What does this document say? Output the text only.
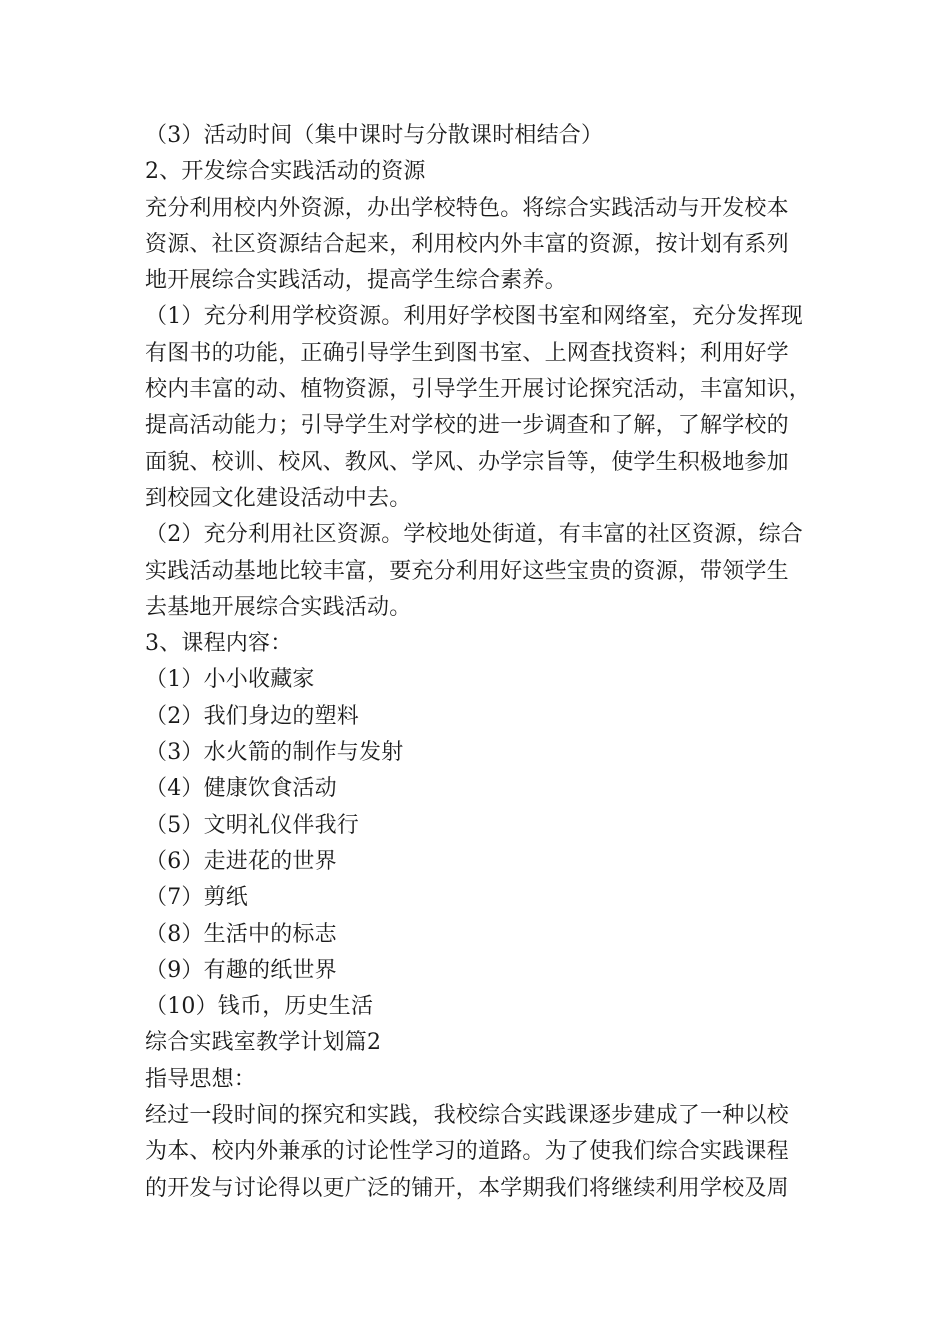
（3）活动时间（集中课时与分散课时相结合）
2、开发综合实践活动的资源
充分利用校内外资源，办出学校特色。将综合实践活动与开发校本
资源、社区资源结合起来，利用校内外丰富的资源，按计划有系列
地开展综合实践活动，提高学生综合素养。
（1）充分利用学校资源。利用好学校图书室和网络室，充分发挥现
有图书的功能，正确引导学生到图书室、上网查找资料；利用好学
校内丰富的动、植物资源，引导学生开展讨论探究活动，丰富知识，
提高活动能力；引导学生对学校的进一步调查和了解，了解学校的
面貌、校训、校风、教风、学风、办学宗旨等，使学生积极地参加
到校园文化建设活动中去。
（2）充分利用社区资源。学校地处街道，有丰富的社区资源，综合
实践活动基地比较丰富，要充分利用好这些宝贵的资源，带领学生
去基地开展综合实践活动。
3、课程内容：
（1）小小收藏家
（2）我们身边的塑料
（3）水火箭的制作与发射
（4）健康饮食活动
（5）文明礼仪伴我行
（6）走进花的世界
（7）剪纸
（8）生活中的标志
（9）有趣的纸世界
（10）钱币，历史生活
综合实践室教学计划篇2
指导思想：
经过一段时间的探究和实践，我校综合实践课逐步建成了一种以校
为本、校内外兼承的讨论性学习的道路。为了使我们综合实践课程
的开发与讨论得以更广泛的铺开，本学期我们将继续利用学校及周
